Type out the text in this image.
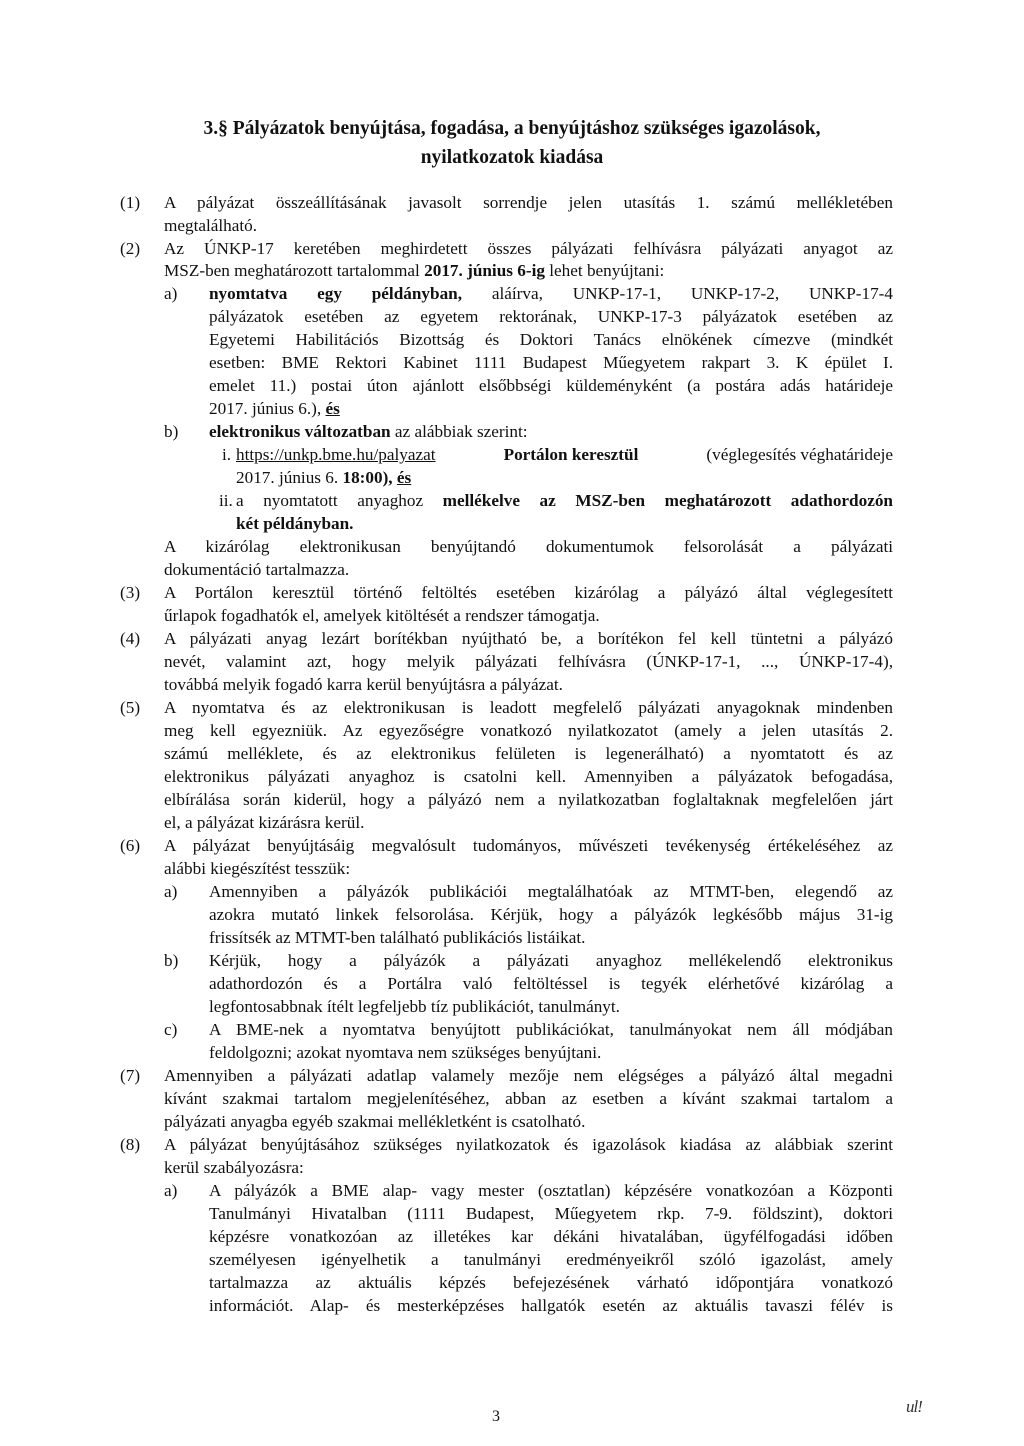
3.§ Pályázatok benyújtása, fogadása, a benyújtáshoz szükséges igazolások,
nyilatkozatok kiadása
(1) A pályázat összeállításának javasolt sorrendje jelen utasítás 1. számú mellékletében
megtalálható.
(2) Az ÚNKP-17 keretében meghirdetett összes pályázati felhívásra pályázati anyagot az
MSZ-ben meghatározott tartalommal 2017. június 6-ig lehet benyújtani:
a) nyomtatva egy példányban, aláírva, UNKP-17-1, UNKP-17-2, UNKP-17-4
pályázatok esetében az egyetem rektorának, UNKP-17-3 pályázatok esetében az
Egyetemi Habilitációs Bizottság és Doktori Tanács elnökének címezve (mindkét
esetben: BME Rektori Kabinet 1111 Budapest Műegyetem rakpart 3. K épület I.
emelet 11.) postai úton ajánlott elsőbbségi küldeményként (a postára adás határideje
2017. június 6.), és
b) elektronikus változatban az alábbiak szerint:
i. https://unkp.bme.hu/palyazat	Portálon keresztül	(véglegesítés véghatárideje
2017. június 6. 18:00), és
ii. a nyomtatott anyaghoz mellékelve az MSZ-ben meghatározott adathordozón
két példányban.
A kizárólag elektronikusan benyújtandó dokumentumok felsorolását a pályázati
dokumentáció tartalmazza.
(3) A Portálon keresztül történő feltöltés esetében kizárólag a pályázó által véglegesített
űrlapok fogadhatók el, amelyek kitöltését a rendszer támogatja.
(4) A pályázati anyag lezárt borítékban nyújtható be, a borítékon fel kell tüntetni a pályázó
nevét, valamint azt, hogy melyik pályázati felhívásra (ÚNKP-17-1, ..., ÚNKP-17-4),
továbbá melyik fogadó karra kerül benyújtásra a pályázat.
(5) A nyomtatva és az elektronikusan is leadott megfelelő pályázati anyagoknak mindenben
meg kell egyezniük. Az egyezőségre vonatkozó nyilatkozatot (amely a jelen utasítás 2.
számú melléklete, és az elektronikus felületen is legenerálható) a nyomtatott és az
elektronikus pályázati anyaghoz is csatolni kell. Amennyiben a pályázatok befogadása,
elbírálása során kiderül, hogy a pályázó nem a nyilatkozatban foglaltaknak megfelelően járt
el, a pályázat kizárásra kerül.
(6) A pályázat benyújtásáig megvalósult tudományos, művészeti tevékenység értékeléséhez az
alábbi kiegészítést tesszük:
a) Amennyiben a pályázók publikációi megtalálhatóak az MTMT-ben, elegendő az
azokra mutató linkek felsorolása. Kérjük, hogy a pályázók legkésőbb május 31-ig
frissítsék az MTMT-ben található publikációs listáikat.
b) Kérjük, hogy a pályázók a pályázati anyaghoz mellékelendő elektronikus
adathordozón és a Portálra való feltöltéssel is tegyék elérhetővé kizárólag a
legfontosabbnak ítélt legfeljebb tíz publikációt, tanulmányt.
c) A BME-nek a nyomtatva benyújtott publikációkat, tanulmányokat nem áll módjában
feldolgozni; azokat nyomtava nem szükséges benyújtani.
(7) Amennyiben a pályázati adatlap valamely mezője nem elégséges a pályázó által megadni
kívánt szakmai tartalom megjelenítéséhez, abban az esetben a kívánt szakmai tartalom a
pályázati anyagba egyéb szakmai mellékletként is csatolható.
(8) A pályázat benyújtásához szükséges nyilatkozatok és igazolások kiadása az alábbiak szerint
kerül szabályozásra:
a) A pályázók a BME alap- vagy mester (osztatlan) képzésére vonatkozóan a Központi
Tanulmányi Hivatalban (1111 Budapest, Műegyetem rkp. 7-9. földszint), doktori
képzésre vonatkozóan az illetékes kar dékáni hivatalában, ügyfélfogadási időben
személyesen igényelhetik a tanulmányi eredményeikről szóló igazolást, amely
tartalmazza az aktuális képzés befejezésének várható időpontjára vonatkozó
információt. Alap- és mesterképzéses hallgatók esetén az aktuális tavaszi félév is
3
ul!
